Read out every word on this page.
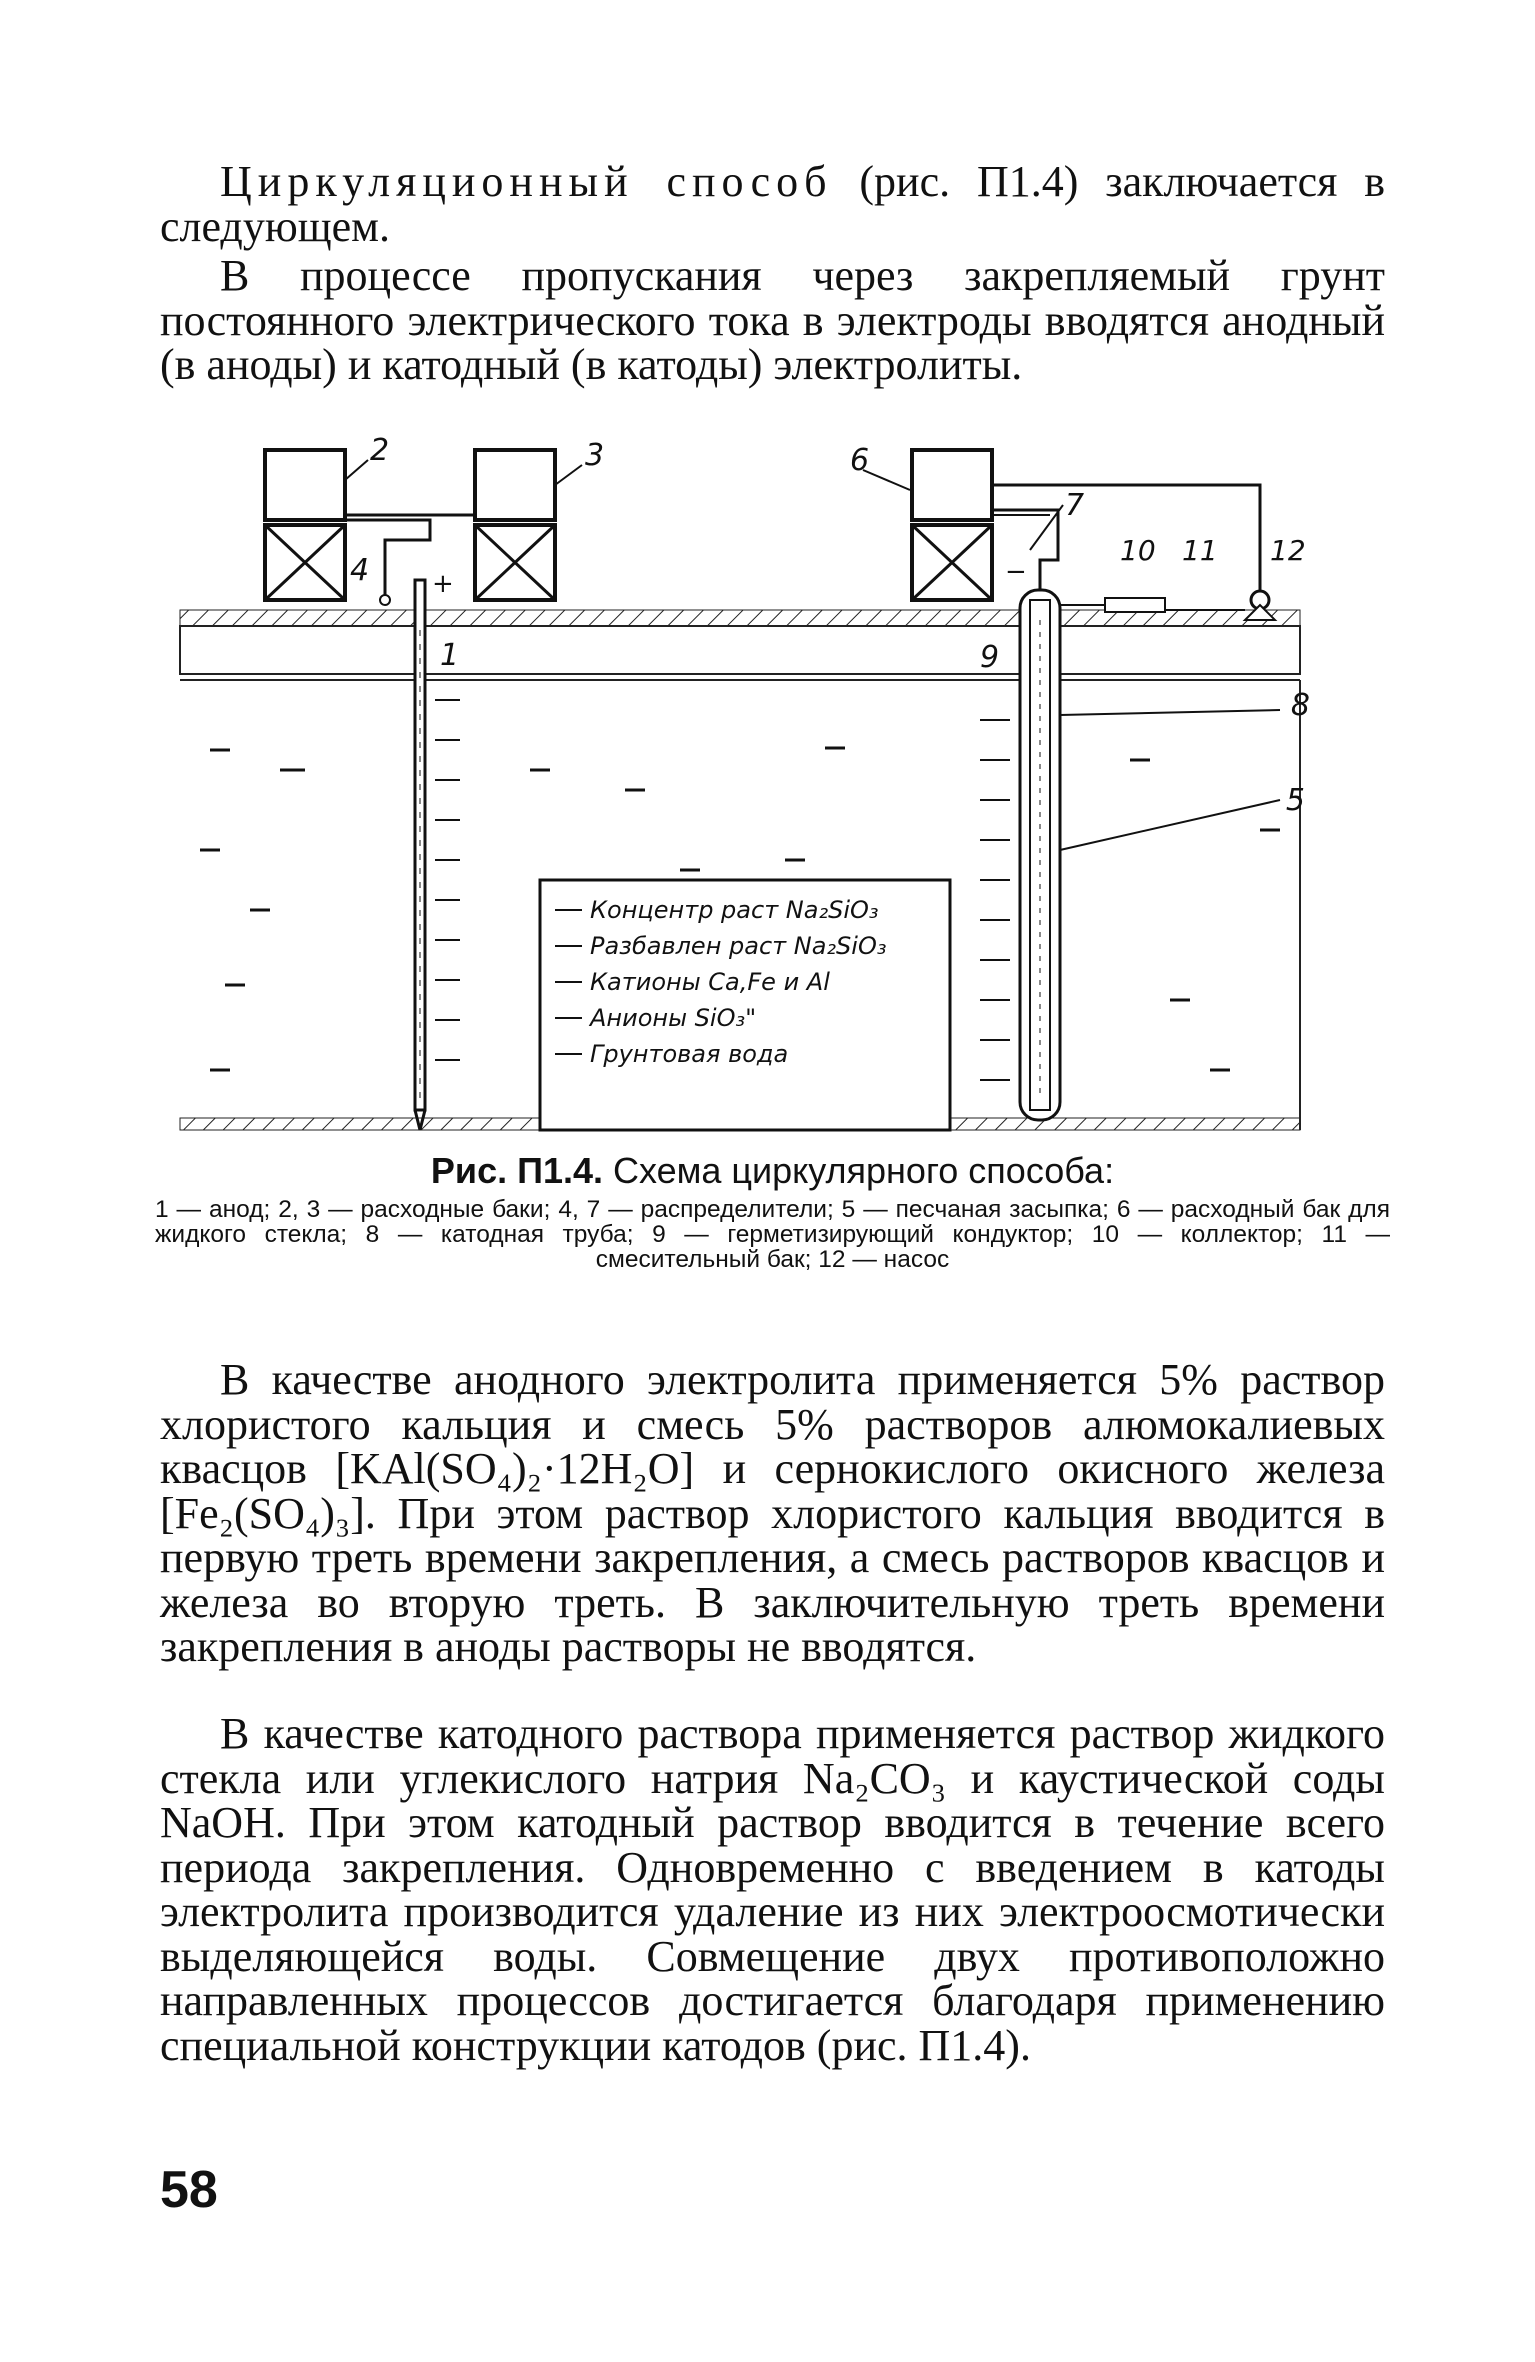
Циркуляционный способ (рис. П1.4) заключается в следующем.

В процессе пропускания через закрепляемый грунт постоянного электрического тока в электроды вводятся анодный (в аноды) и катодный (в катоды) электролиты.

Концентр раст Na₂SiO₃
Разбавлен раст Na₂SiO₃
Катионы Ca,Fe и Al
Анионы SiO₃"
Грунтовая вода
2	3
4
1
+
6
7
−
10 11 12
9
8
5
Рис. П1.4. Схема циркулярного способа:
1 — анод; 2, 3 — расходные баки; 4, 7 — распределители; 5 — песчаная засыпка; 6 — расходный бак для жидкого стекла; 8 — катодная труба; 9 — герметизирующий кондуктор; 10 — коллектор; 11 — смесительный бак; 12 — насос

В качестве анодного электролита применяется 5% раствор хлористого кальция и смесь 5% растворов алюмокалиевых квасцов [KAl(SO₄)₂·12H₂O] и сернокислого окисного железа [Fe₂(SO₄)₃]. При этом раствор хлористого кальция вводится в первую треть времени закрепления, а смесь растворов квасцов и железа во вторую треть. В заключительную треть времени закрепления в аноды растворы не вводятся.

В качестве катодного раствора применяется раствор жидкого стекла или углекислого натрия Na₂CO₃ и каустической соды NaOH. При этом катодный раствор вводится в течение всего периода закрепления. Одновременно с введением в катоды электролита производится удаление из них электроосмотически выделяющейся воды. Совмещение двух противоположно направленных процессов достигается благодаря применению специальной конструкции катодов (рис. П1.4).

58
